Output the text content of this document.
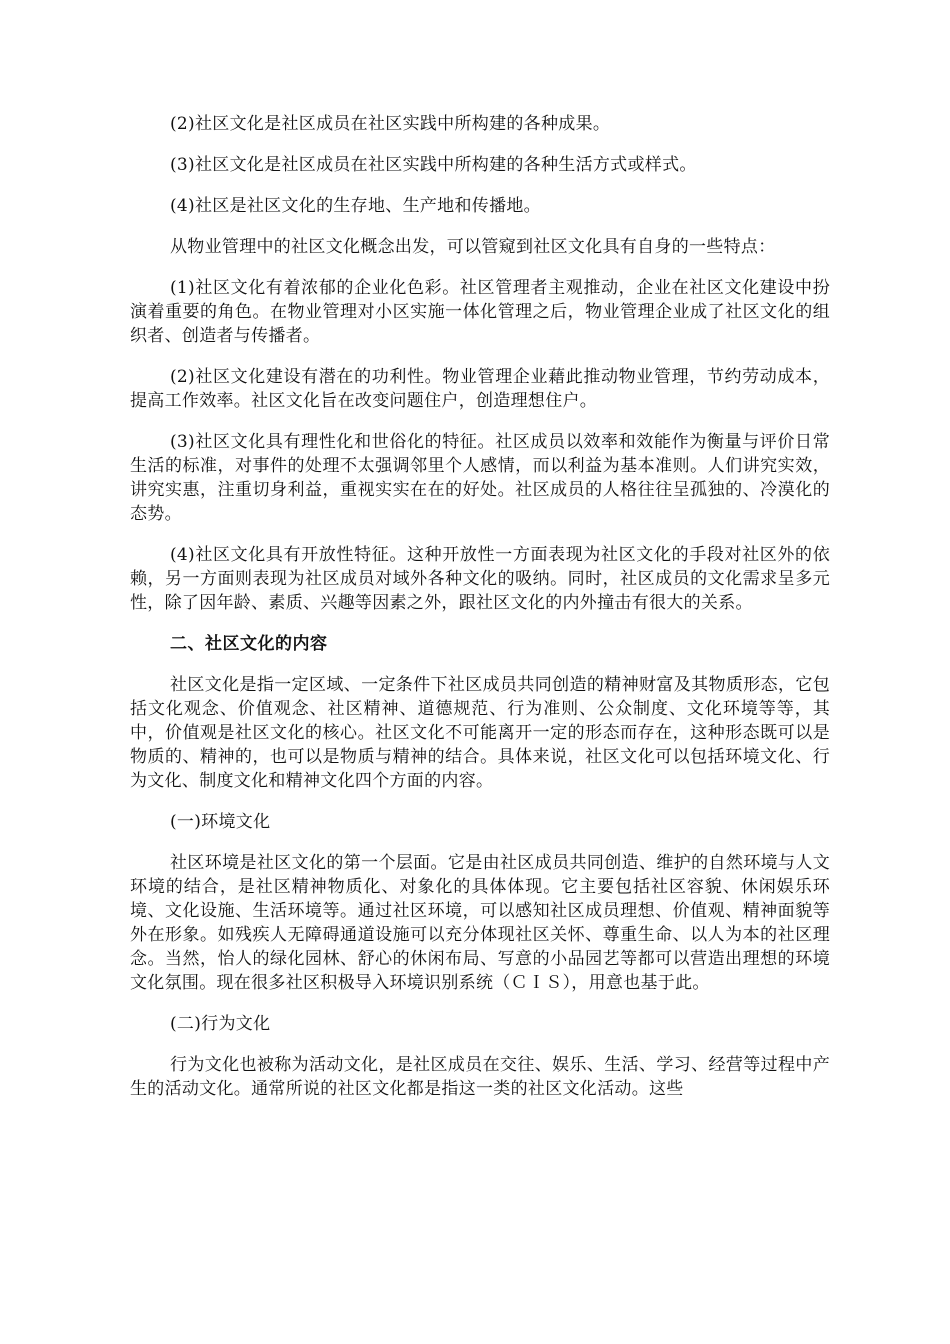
(2)社区文化是社区成员在社区实践中所构建的各种成果。

(3)社区文化是社区成员在社区实践中所构建的各种生活方式或样式。

(4)社区是社区文化的生存地、生产地和传播地。

从物业管理中的社区文化概念出发，可以管窥到社区文化具有自身的一些特点：

(1)社区文化有着浓郁的企业化色彩。社区管理者主观推动，企业在社区文化建设中扮演着重要的角色。在物业管理对小区实施一体化管理之后，物业管理企业成了社区文化的组织者、创造者与传播者。

(2)社区文化建设有潜在的功利性。物业管理企业藉此推动物业管理，节约劳动成本，提高工作效率。社区文化旨在改变问题住户，创造理想住户。

(3)社区文化具有理性化和世俗化的特征。社区成员以效率和效能作为衡量与评价日常生活的标准，对事件的处理不太强调邻里个人感情，而以利益为基本准则。人们讲究实效，讲究实惠，注重切身利益，重视实实在在的好处。社区成员的人格往往呈孤独的、冷漠化的态势。

(4)社区文化具有开放性特征。这种开放性一方面表现为社区文化的手段对社区外的依赖，另一方面则表现为社区成员对域外各种文化的吸纳。同时，社区成员的文化需求呈多元性，除了因年龄、素质、兴趣等因素之外，跟社区文化的内外撞击有很大的关系。

二、社区文化的内容

社区文化是指一定区域、一定条件下社区成员共同创造的精神财富及其物质形态，它包括文化观念、价值观念、社区精神、道德规范、行为准则、公众制度、文化环境等等，其中，价值观是社区文化的核心。社区文化不可能离开一定的形态而存在，这种形态既可以是物质的、精神的，也可以是物质与精神的结合。具体来说，社区文化可以包括环境文化、行为文化、制度文化和精神文化四个方面的内容。

(一)环境文化

社区环境是社区文化的第一个层面。它是由社区成员共同创造、维护的自然环境与人文环境的结合，是社区精神物质化、对象化的具体体现。它主要包括社区容貌、休闲娱乐环境、文化设施、生活环境等。通过社区环境，可以感知社区成员理想、价值观、精神面貌等外在形象。如残疾人无障碍通道设施可以充分体现社区关怀、尊重生命、以人为本的社区理念。当然，怡人的绿化园林、舒心的休闲布局、写意的小品园艺等都可以营造出理想的环境文化氛围。现在很多社区积极导入环境识别系统（ＣＩＳ），用意也基于此。

(二)行为文化

行为文化也被称为活动文化，是社区成员在交往、娱乐、生活、学习、经营等过程中产生的活动文化。通常所说的社区文化都是指这一类的社区文化活动。这些
